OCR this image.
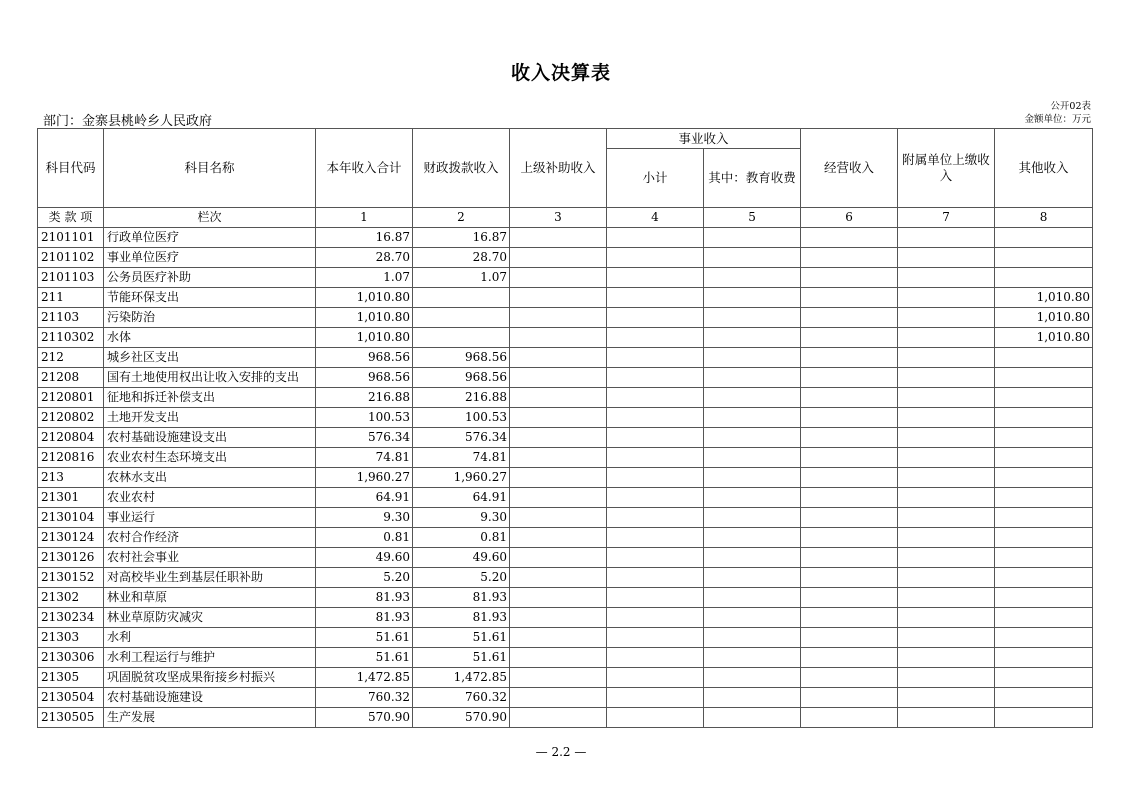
收入决算表
部门：金寨县桃岭乡人民政府
公开02表
金额单位：万元
科目代码	科目名称	本年收入合计	财政拨款收入	上级补助收入	事业收入		经营收入	附属单位上缴收入	其他收入
					小计	其中：教育收费			
类 款 项	栏次	1	2	3	4	5	6	7	8
2101101	行政单位医疗	16.87	16.87						
2101102	事业单位医疗	28.70	28.70						
2101103	公务员医疗补助	1.07	1.07						
211	节能环保支出	1,010.80							1,010.80
21103	污染防治	1,010.80							1,010.80
2110302	水体	1,010.80							1,010.80
212	城乡社区支出	968.56	968.56						
21208	国有土地使用权出让收入安排的支出	968.56	968.56						
2120801	征地和拆迁补偿支出	216.88	216.88						
2120802	土地开发支出	100.53	100.53						
2120804	农村基础设施建设支出	576.34	576.34						
2120816	农业农村生态环境支出	74.81	74.81						
213	农林水支出	1,960.27	1,960.27						
21301	农业农村	64.91	64.91						
2130104	事业运行	9.30	9.30						
2130124	农村合作经济	0.81	0.81						
2130126	农村社会事业	49.60	49.60						
2130152	对高校毕业生到基层任职补助	5.20	5.20						
21302	林业和草原	81.93	81.93						
2130234	林业草原防灾减灾	81.93	81.93						
21303	水利	51.61	51.61						
2130306	水利工程运行与维护	51.61	51.61						
21305	巩固脱贫攻坚成果衔接乡村振兴	1,472.85	1,472.85						
2130504	农村基础设施建设	760.32	760.32						
2130505	生产发展	570.90	570.90						
— 2.2 —
